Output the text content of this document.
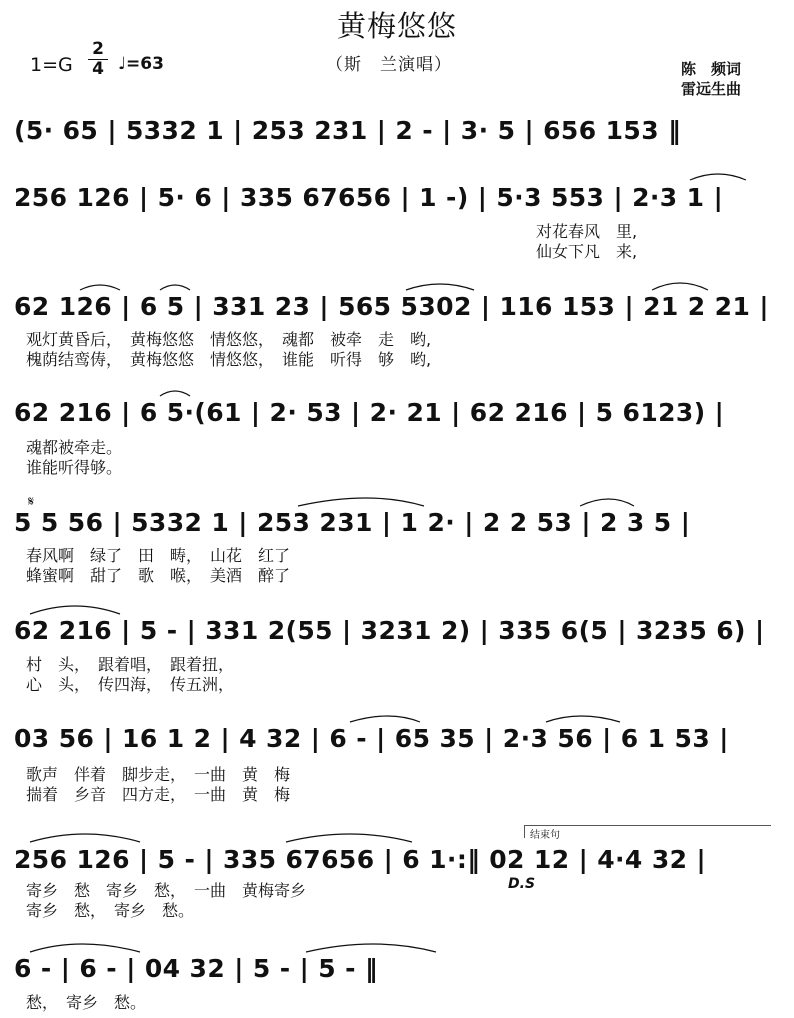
黄梅悠悠
1=G
2
4 ♩=63	（斯　兰演唱）	陈　频词
雷远生曲
(5· 65 | 5332 1 | 253 231 | 2 - | 3· 5 | 656 153 ‖
256 126 | 5· 6 | 335 67656 | 1 -) | 5·3 553 | 2·3 1 |
对花春风　里,
仙女下凡　来,
62 126 | 6 5 | 331 23 | 565 5302 | 116 153 | 21 2 21 |
观灯黄昏后，　黄梅悠悠　情悠悠，　魂都　被牵　走　哟,
槐荫结鸾俦，　黄梅悠悠　情悠悠，　谁能　听得　够　哟,
62 216 | 6 5·(61 | 2· 53 | 2· 21 | 62 216 | 5 6123) |
魂都被牵走。
谁能听得够。
𝄋
5 5 56 | 5332 1 | 253 231 | 1 2· | 2 2 53 | 2 3 5 |
春风啊　绿了　田　畴，　山花　红了
蜂蜜啊　甜了　歌　喉，　美酒　醉了
62 216 | 5 - | 331 2(55 | 3231 2) | 335 6(5 | 3235 6) |
村　头，　跟着唱，　跟着扭，
心　头，　传四海，　传五洲，
03 56 | 16 1 2 | 4 32 | 6 - | 65 35 | 2·3 56 | 6 1 53 |
歌声　伴着　脚步走，　一曲　黄　梅
揣着　乡音　四方走，　一曲　黄　梅
结束句
256 126 | 5 - | 335 67656 | 6 1·:‖ 02 12 | 4·4 32 |
D.S
寄乡　愁　寄乡　愁，　一曲　黄梅寄乡
寄乡　愁，　寄乡　愁。
6 - | 6 - | 04 32 | 5 - | 5 - ‖
愁，　寄乡　愁。
